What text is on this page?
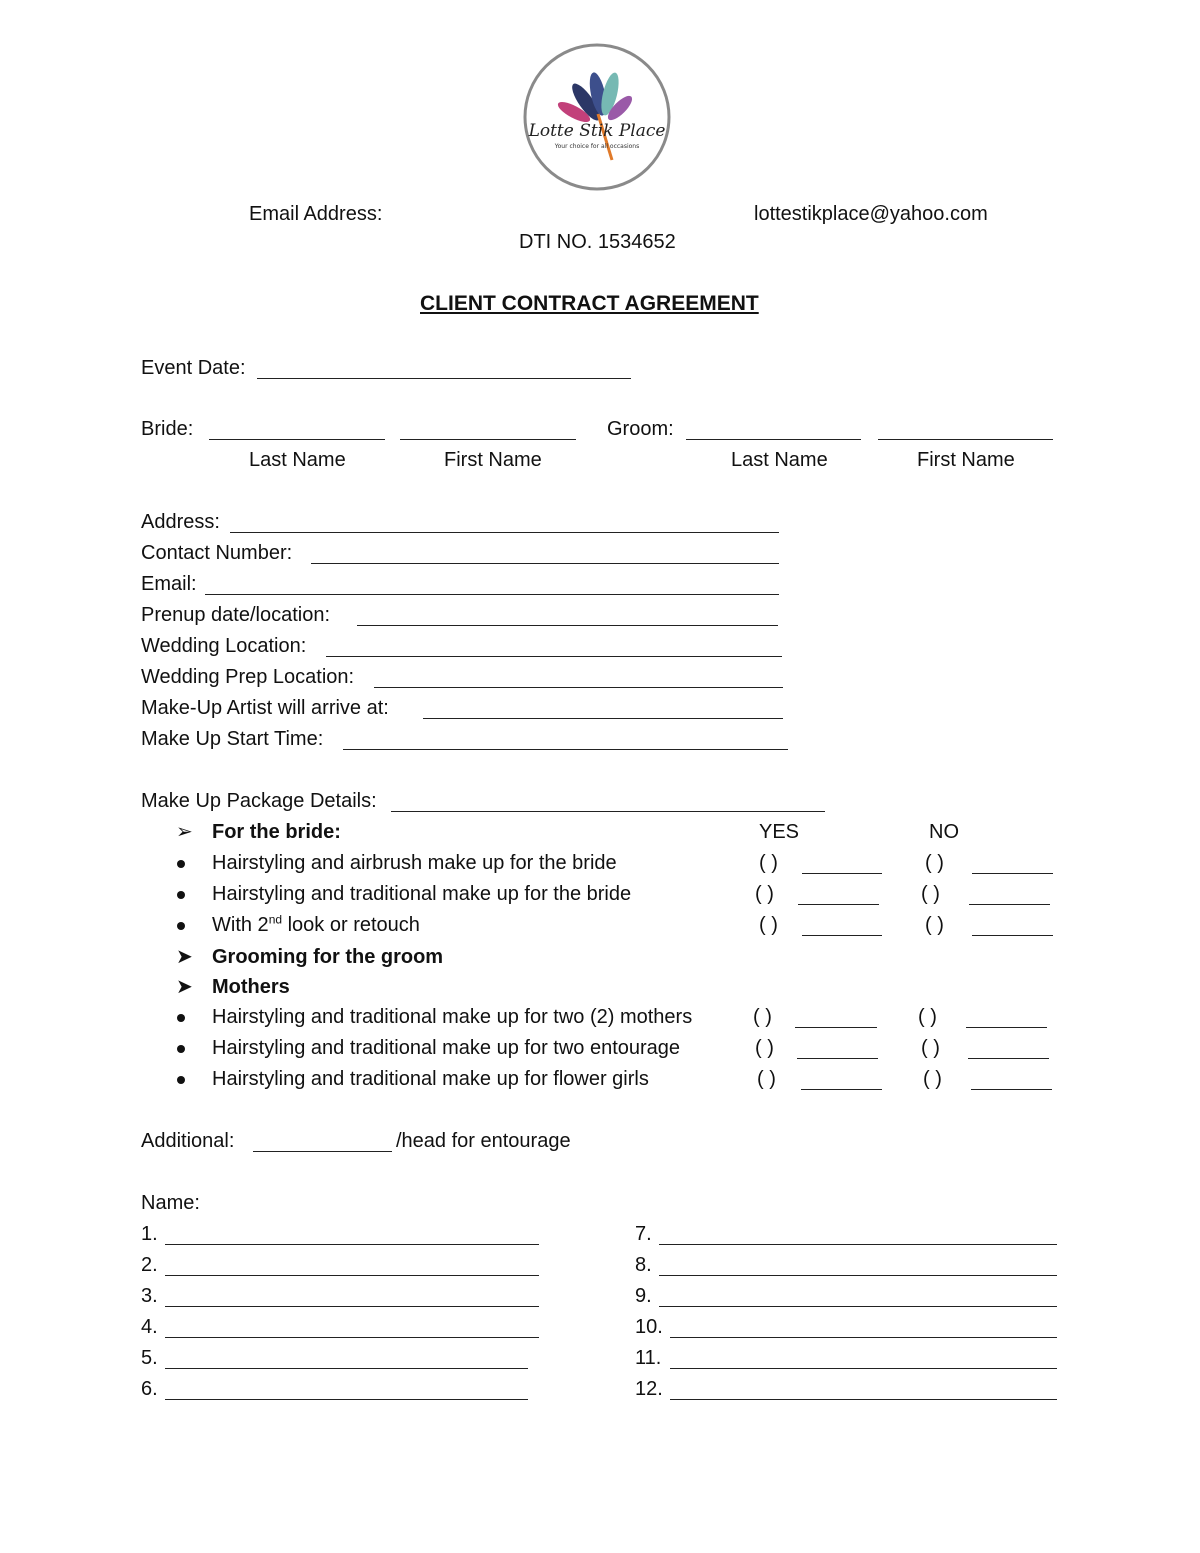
Lotte Stik Place
Your choice for all occasions
Email Address:	lottestikplace@yahoo.com
DTI NO. 1534652
CLIENT CONTRACT AGREEMENT
Event Date:
Bride:	Groom:
Last Name	First Name	Last Name	First Name
Address:
Contact Number:
Email:
Prenup date/location:
Wedding Location:
Wedding Prep Location:
Make-Up Artist will arrive at:
Make Up Start Time:
Make Up Package Details:
➢ For the bride:	YES	NO
Hairstyling and airbrush make up for the bride	( )	( )
Hairstyling and traditional make up for the bride	( )	( )
With 2nd look or retouch	( )	( )
➤ Grooming for the groom
➤ Mothers
Hairstyling and traditional make up for two (2) mothers	( )	( )
Hairstyling and traditional make up for two entourage	( )	( )
Hairstyling and traditional make up for flower girls	( )	( )
Additional:	/head for entourage
Name:
1.
2.
3.
4.
5.
6.
7.
8.
9.
10.
11.
12.
